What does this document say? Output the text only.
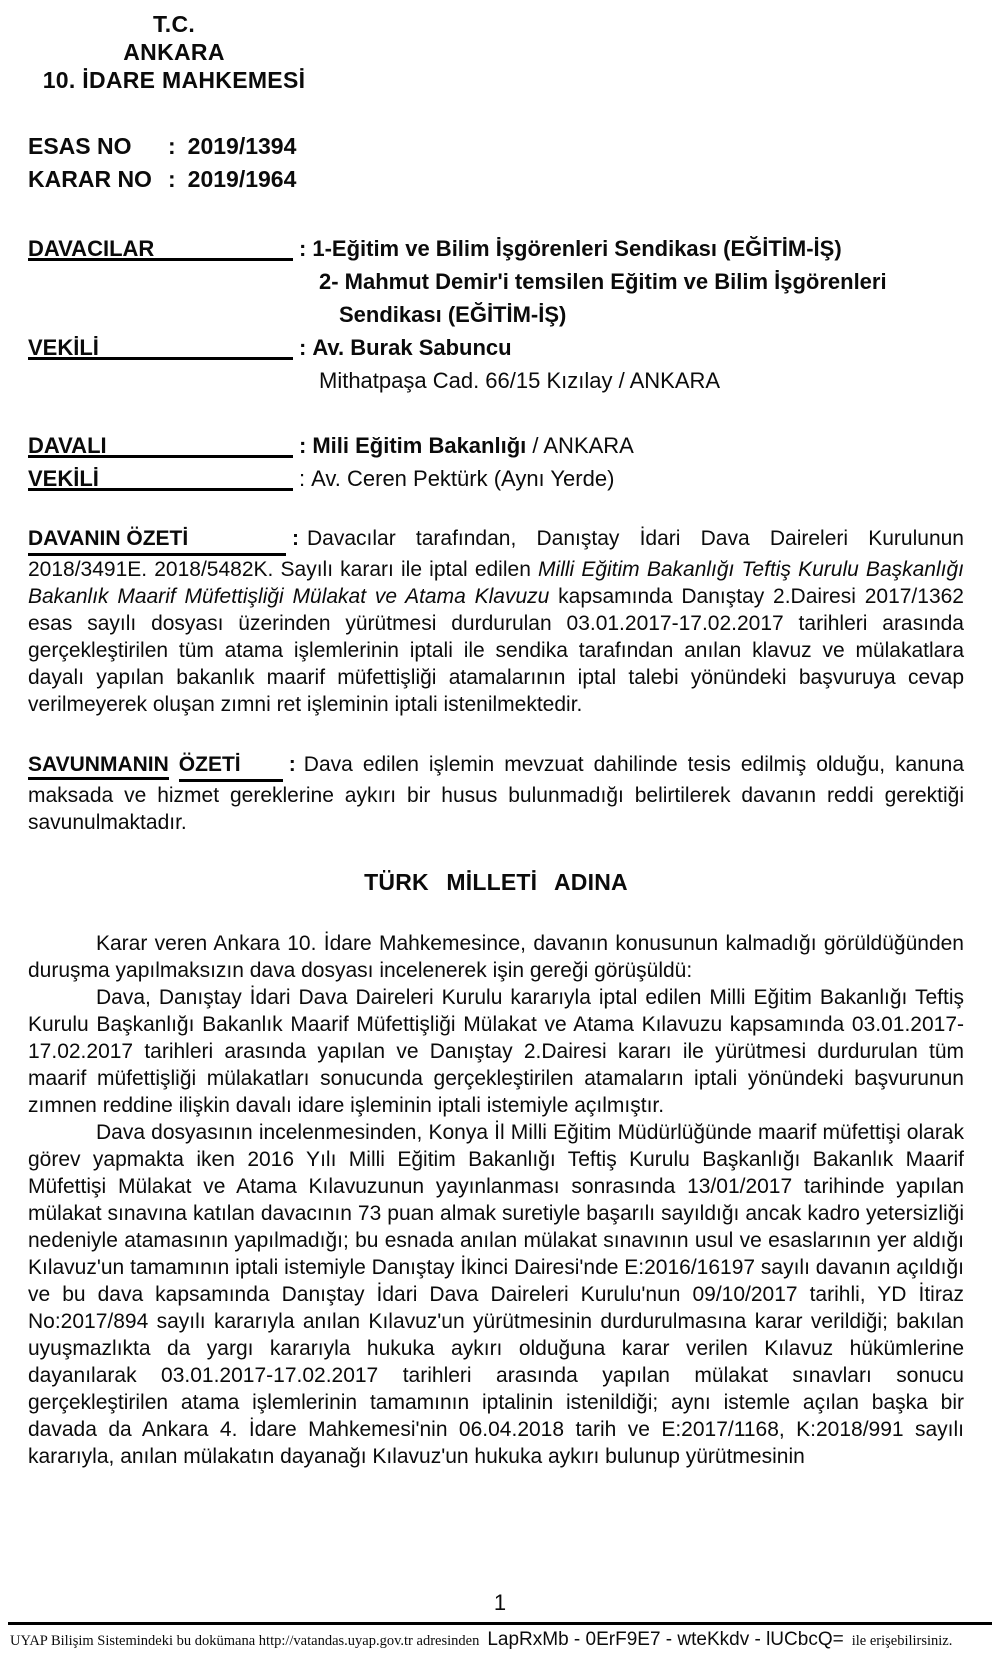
T.C.
ANKARA
10. İDARE MAHKEMESİ
ESAS NO	: 2019/1394
KARAR NO : 2019/1964
DAVACILAR	: 1-Eğitim ve Bilim İşgörenleri Sendikası (EĞİTİM-İŞ)
2- Mahmut Demir'i temsilen Eğitim ve Bilim İşgörenleri
Sendikası (EĞİTİM-İŞ)
VEKİLİ	: Av. Burak Sabuncu
Mithatpaşa Cad. 66/15 Kızılay / ANKARA
DAVALI	: Mili Eğitim Bakanlığı / ANKARA
VEKİLİ	: Av. Ceren Pektürk (Aynı Yerde)

DAVANIN ÖZETİ	: Davacılar tarafından, Danıştay İdari Dava Daireleri Kurulunun 2018/3491E. 2018/5482K. Sayılı kararı ile iptal edilen Milli Eğitim Bakanlığı Teftiş Kurulu Başkanlığı Bakanlık Maarif Müfettişliği Mülakat ve Atama Klavuzu kapsamında Danıştay 2.Dairesi 2017/1362 esas sayılı dosyası üzerinden yürütmesi durdurulan 03.01.2017-17.02.2017 tarihleri arasında gerçekleştirilen tüm atama işlemlerinin iptali ile sendika tarafından anılan klavuz ve mülakatlara dayalı yapılan bakanlık maarif müfettişliği atamalarının iptal talebi yönündeki başvuruya cevap verilmeyerek oluşan zımni ret işleminin iptali istenilmektedir.

SAVUNMANIN ÖZETİ : Dava edilen işlemin mevzuat dahilinde tesis edilmiş olduğu, kanuna maksada ve hizmet gereklerine aykırı bir husus bulunmadığı belirtilerek davanın reddi gerektiği savunulmaktadır.

TÜRK MİLLETİ ADINA

Karar veren Ankara 10. İdare Mahkemesince, davanın konusunun kalmadığı görüldüğünden duruşma yapılmaksızın dava dosyası incelenerek işin gereği görüşüldü:

Dava, Danıştay İdari Dava Daireleri Kurulu kararıyla iptal edilen Milli Eğitim Bakanlığı Teftiş Kurulu Başkanlığı Bakanlık Maarif Müfettişliği Mülakat ve Atama Kılavuzu kapsamında 03.01.2017-17.02.2017 tarihleri arasında yapılan ve Danıştay 2.Dairesi kararı ile yürütmesi durdurulan tüm maarif müfettişliği mülakatları sonucunda gerçekleştirilen atamaların iptali yönündeki başvurunun zımnen reddine ilişkin davalı idare işleminin iptali istemiyle açılmıştır.

Dava dosyasının incelenmesinden, Konya İl Milli Eğitim Müdürlüğünde maarif müfettişi olarak görev yapmakta iken 2016 Yılı Milli Eğitim Bakanlığı Teftiş Kurulu Başkanlığı Bakanlık Maarif Müfettişi Mülakat ve Atama Kılavuzunun yayınlanması sonrasında 13/01/2017 tarihinde yapılan mülakat sınavına katılan davacının 73 puan almak suretiyle başarılı sayıldığı ancak kadro yetersizliği nedeniyle atamasının yapılmadığı; bu esnada anılan mülakat sınavının usul ve esaslarının yer aldığı Kılavuz'un tamamının iptali istemiyle Danıştay İkinci Dairesi'nde E:2016/16197 sayılı davanın açıldığı ve bu dava kapsamında Danıştay İdari Dava Daireleri Kurulu'nun 09/10/2017 tarihli, YD İtiraz No:2017/894 sayılı kararıyla anılan Kılavuz'un yürütmesinin durdurulmasına karar verildiği; bakılan uyuşmazlıkta da yargı kararıyla hukuka aykırı olduğuna karar verilen Kılavuz hükümlerine dayanılarak 03.01.2017-17.02.2017 tarihleri arasında yapılan mülakat sınavları sonucu gerçekleştirilen atama işlemlerinin tamamının iptalinin istenildiği; aynı istemle açılan başka bir davada da Ankara 4. İdare Mahkemesi'nin 06.04.2018 tarih ve E:2017/1168, K:2018/991 sayılı kararıyla, anılan mülakatın dayanağı Kılavuz'un hukuka aykırı bulunup yürütmesinin

1
UYAP Bilişim Sistemindeki bu dokümana http://vatandas.uyap.gov.tr adresinden LapRxMb - 0ErF9E7 - wteKkdv - lUCbcQ= ile erişebilirsiniz.
